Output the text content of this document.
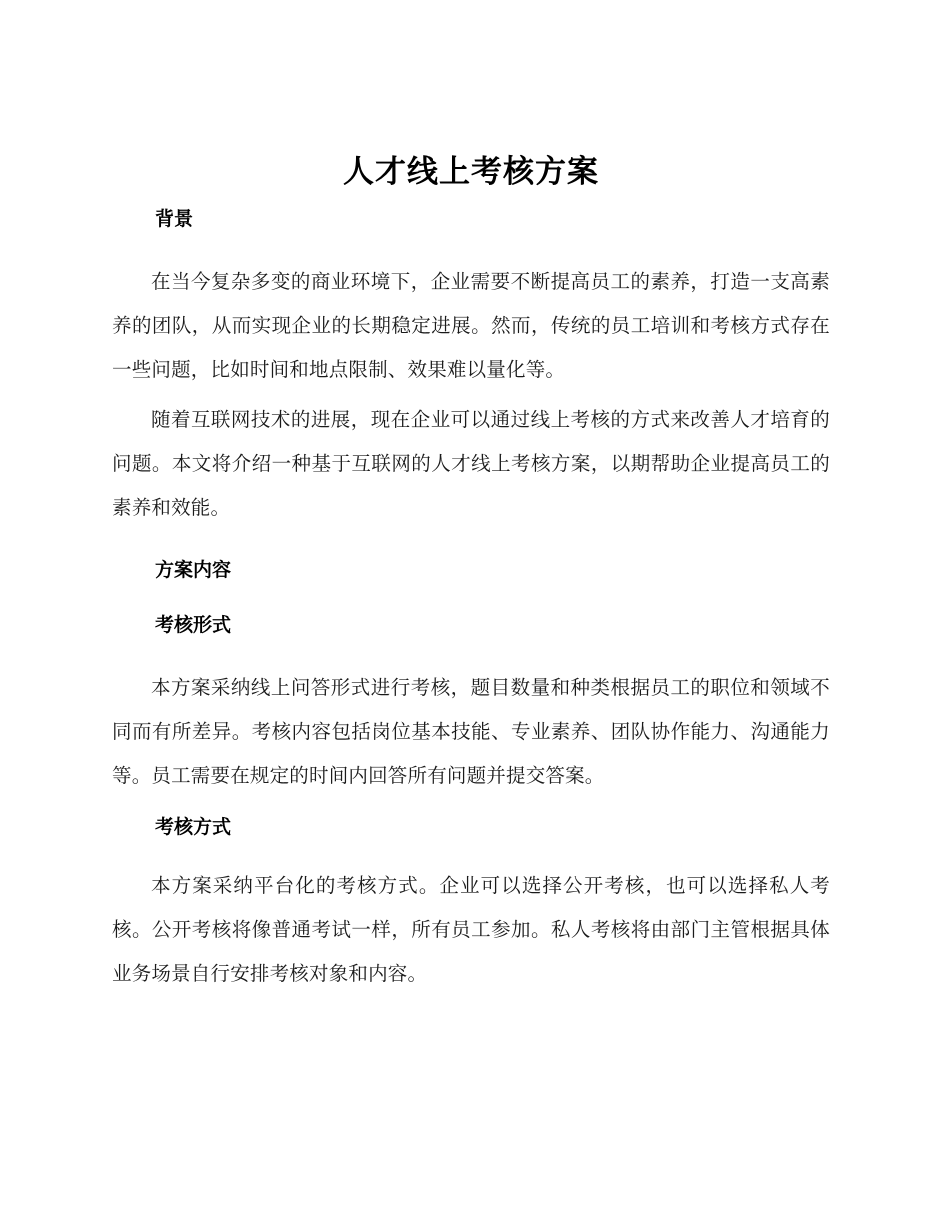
人才线上考核方案
背景

在当今复杂多变的商业环境下，企业需要不断提高员工的素养，打造一支高素养的团队，从而实现企业的长期稳定进展。然而，传统的员工培训和考核方式存在一些问题，比如时间和地点限制、效果难以量化等。

随着互联网技术的进展，现在企业可以通过线上考核的方式来改善人才培育的问题。本文将介绍一种基于互联网的人才线上考核方案，以期帮助企业提高员工的素养和效能。

方案内容
考核形式

本方案采纳线上问答形式进行考核，题目数量和种类根据员工的职位和领域不同而有所差异。考核内容包括岗位基本技能、专业素养、团队协作能力、沟通能力等。员工需要在规定的时间内回答所有问题并提交答案。

考核方式

本方案采纳平台化的考核方式。企业可以选择公开考核，也可以选择私人考核。公开考核将像普通考试一样，所有员工参加。私人考核将由部门主管根据具体业务场景自行安排考核对象和内容。
